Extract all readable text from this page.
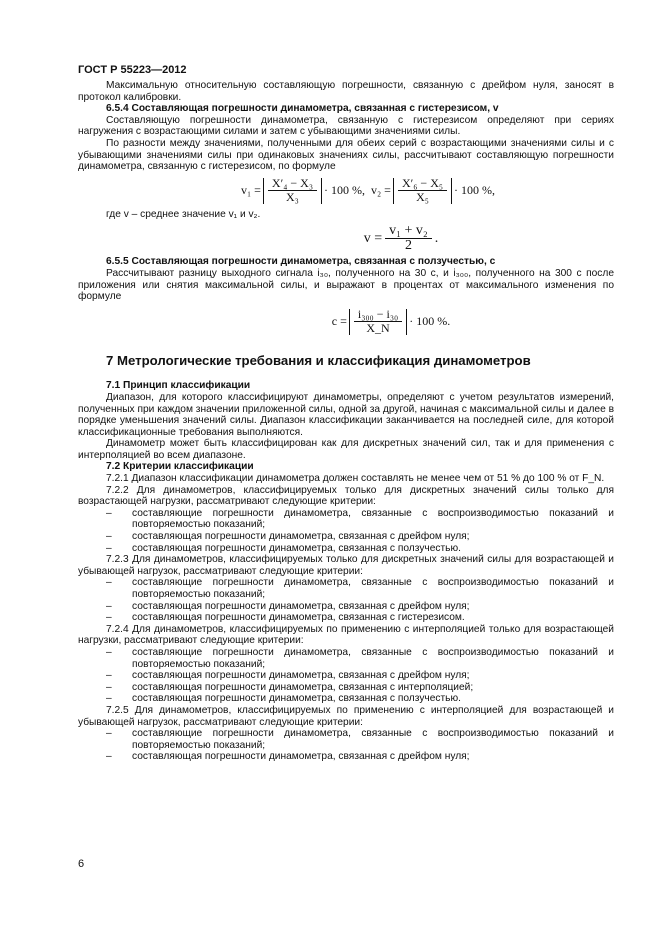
ГОСТ Р 55223—2012

Максимальную относительную составляющую погрешности, связанную с дрейфом нуля, заносят в протокол калибровки.

6.5.4 Составляющая погрешности динамометра, связанная с гистерезисом, v

Составляющую погрешности динамометра, связанную с гистерезисом определяют при сериях нагружения с возрастающими силами и затем с убывающими значениями силы.

По разности между значениями, полученными для обеих серий с возрастающими значениями силы и с убывающими значениями силы при одинаковых значениях силы, рассчитывают составляющую погрешности динамометра, связанную с гистерезисом, по формуле

$v_1 = \frac{\text{X′₄ − X₃}}{\text{X₃}} \cdot 100$ %, $v_2 = \frac{\text{X′₆ − X₅}}{\text{X₅}} \cdot 100$ %,

где v – среднее значение v₁ и v₂.

$v = \frac{\text{v₁ + v₂}}{2}$ .

6.5.5 Составляющая погрешности динамометра, связанная с ползучестью, c

Рассчитывают разницу выходного сигнала i₃₀, полученного на 30 с, и i₃₀₀, полученного на 300 с после приложения или снятия максимальной силы, и выражают в процентах от максимального изменения по формуле

$c = \frac{\text{i₃₀₀ − i₃₀}}{X\_N} \cdot 100$ %.

7 Метрологические требования и классификация динамометров

7.1 Принцип классификации

Диапазон, для которого классифицируют динамометры, определяют с учетом результатов измерений, полученных при каждом значении приложенной силы, одной за другой, начиная с максимальной силы и далее в порядке уменьшения значений силы. Диапазон классификации заканчивается на последней силе, для которой классификационные требования выполняются.

Динамометр может быть классифицирован как для дискретных значений сил, так и для применения с интерполяцией во всем диапазоне.

7.2 Критерии классификации

7.2.1 Диапазон классификации динамометра должен составлять не менее чем от 51 % до 100 % от F_N.

7.2.2 Для динамометров, классифицируемых только для дискретных значений силы только для возрастающей нагрузки, рассматривают следующие критерии:

– составляющие погрешности динамометра, связанные с воспроизводимостью показаний и повторяемостью показаний;

– составляющая погрешности динамометра, связанная с дрейфом нуля;

– составляющая погрешности динамометра, связанная с ползучестью.

7.2.3 Для динамометров, классифицируемых только для дискретных значений силы для возрастающей и убывающей нагрузок, рассматривают следующие критерии:

– составляющие погрешности динамометра, связанные с воспроизводимостью показаний и повторяемостью показаний;

– составляющая погрешности динамометра, связанная с дрейфом нуля;

– составляющая погрешности динамометра, связанная с гистерезисом.

7.2.4 Для динамометров, классифицируемых по применению с интерполяцией только для возрастающей нагрузки, рассматривают следующие критерии:

– составляющие погрешности динамометра, связанные с воспроизводимостью показаний и повторяемостью показаний;

– составляющая погрешности динамометра, связанная с дрейфом нуля;

– составляющая погрешности динамометра, связанная с интерполяцией;

– составляющая погрешности динамометра, связанная с ползучестью.

7.2.5 Для динамометров, классифицируемых по применению с интерполяцией для возрастающей и убывающей нагрузок, рассматривают следующие критерии:

– составляющие погрешности динамометра, связанные с воспроизводимостью показаний и повторяемостью показаний;

– составляющая погрешности динамометра, связанная с дрейфом нуля;

6
